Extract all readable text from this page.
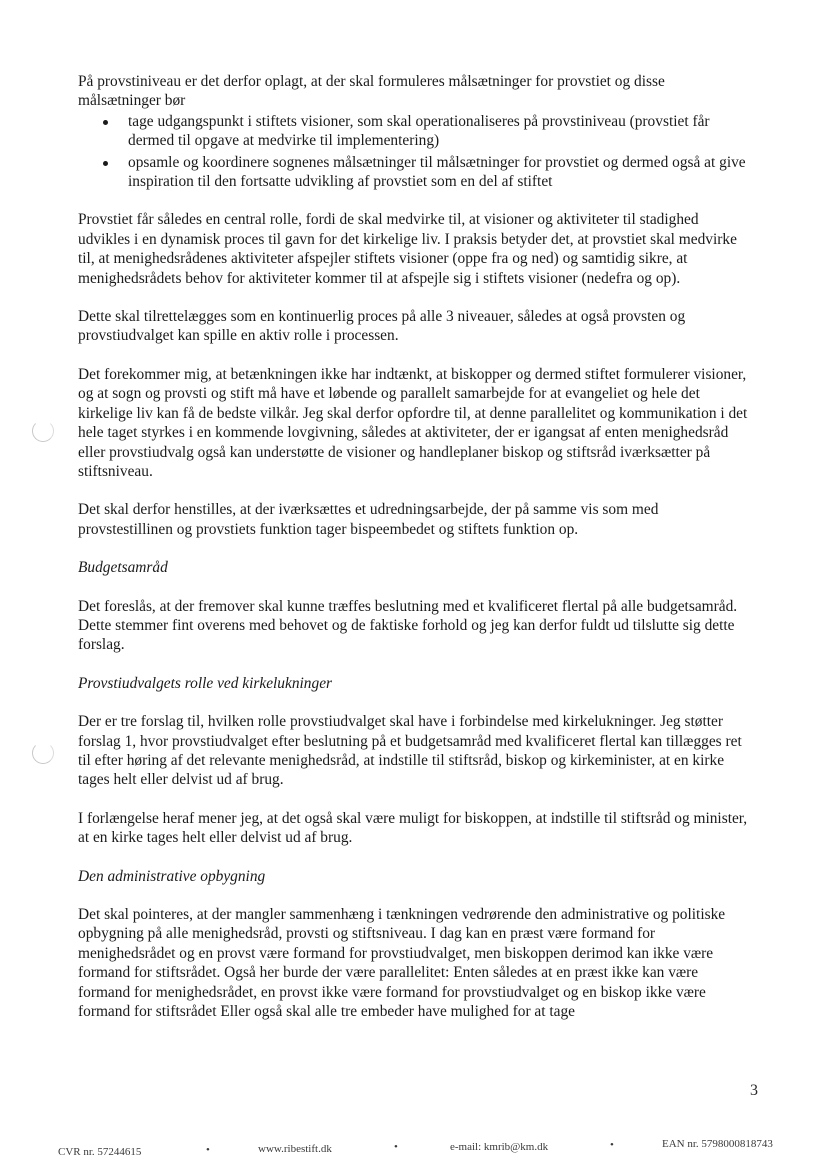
På provstiniveau er det derfor oplagt, at der skal formuleres målsætninger for provstiet og disse målsætninger bør

tage udgangspunkt i stiftets visioner, som skal operationaliseres på provstiniveau (provstiet får dermed til opgave at medvirke til implementering)
opsamle og koordinere sognenes målsætninger til målsætninger for provstiet og dermed også at give inspiration til den fortsatte udvikling af provstiet som en del af stiftet

Provstiet får således en central rolle, fordi de skal medvirke til, at visioner og aktiviteter til stadighed udvikles i en dynamisk proces til gavn for det kirkelige liv. I praksis betyder det, at provstiet skal medvirke til, at menighedsrådenes aktiviteter afspejler stiftets visioner (oppe fra og ned) og samtidig sikre, at menighedsrådets behov for aktiviteter kommer til at afspejle sig i stiftets visioner (nedefra og op).

Dette skal tilrettelægges som en kontinuerlig proces på alle 3 niveauer, således at også provsten og provstiudvalget kan spille en aktiv rolle i processen.

Det forekommer mig, at betænkningen ikke har indtænkt, at biskopper og dermed stiftet formulerer visioner, og at sogn og provsti og stift må have et løbende og parallelt samarbejde for at evangeliet og hele det kirkelige liv kan få de bedste vilkår. Jeg skal derfor opfordre til, at denne parallelitet og kommunikation i det hele taget styrkes i en kommende lovgivning, således at aktiviteter, der er igangsat af enten menighedsråd eller provstiudvalg også kan understøtte de visioner og handleplaner biskop og stiftsråd iværksætter på stiftsniveau.

Det skal derfor henstilles, at der iværksættes et udredningsarbejde, der på samme vis som med provstestillinen og provstiets funktion tager bispeembedet og stiftets funktion op.

Budgetsamråd

Det foreslås, at der fremover skal kunne træffes beslutning med et kvalificeret flertal på alle budgetsamråd. Dette stemmer fint overens med behovet og de faktiske forhold og jeg kan derfor fuldt ud tilslutte sig dette forslag.

Provstiudvalgets rolle ved kirkelukninger

Der er tre forslag til, hvilken rolle provstiudvalget skal have i forbindelse med kirkelukninger. Jeg støtter forslag 1, hvor provstiudvalget efter beslutning på et budgetsamråd med kvalificeret flertal kan tillægges ret til efter høring af det relevante menighedsråd, at indstille til stiftsråd, biskop og kirkeminister, at en kirke tages helt eller delvist ud af brug.

I forlængelse heraf mener jeg, at det også skal være muligt for biskoppen, at indstille til stiftsråd og minister, at en kirke tages helt eller delvist ud af brug.

Den administrative opbygning

Det skal pointeres, at der mangler sammenhæng i tænkningen vedrørende den administrative og politiske opbygning på alle menighedsråd, provsti og stiftsniveau. I dag kan en præst være formand for menighedsrådet og en provst være formand for provstiudvalget, men biskoppen derimod kan ikke være formand for stiftsrådet. Også her burde der være parallelitet: Enten således at en præst ikke kan være formand for menighedsrådet, en provst ikke være formand for provstiudvalget og en biskop ikke være formand for stiftsrådet Eller også skal alle tre embeder have mulighed for at tage

3
CVR nr. 57244615	•	www.ribestift.dk	•	e-mail: kmrib@km.dk	•	EAN nr. 5798000818743
